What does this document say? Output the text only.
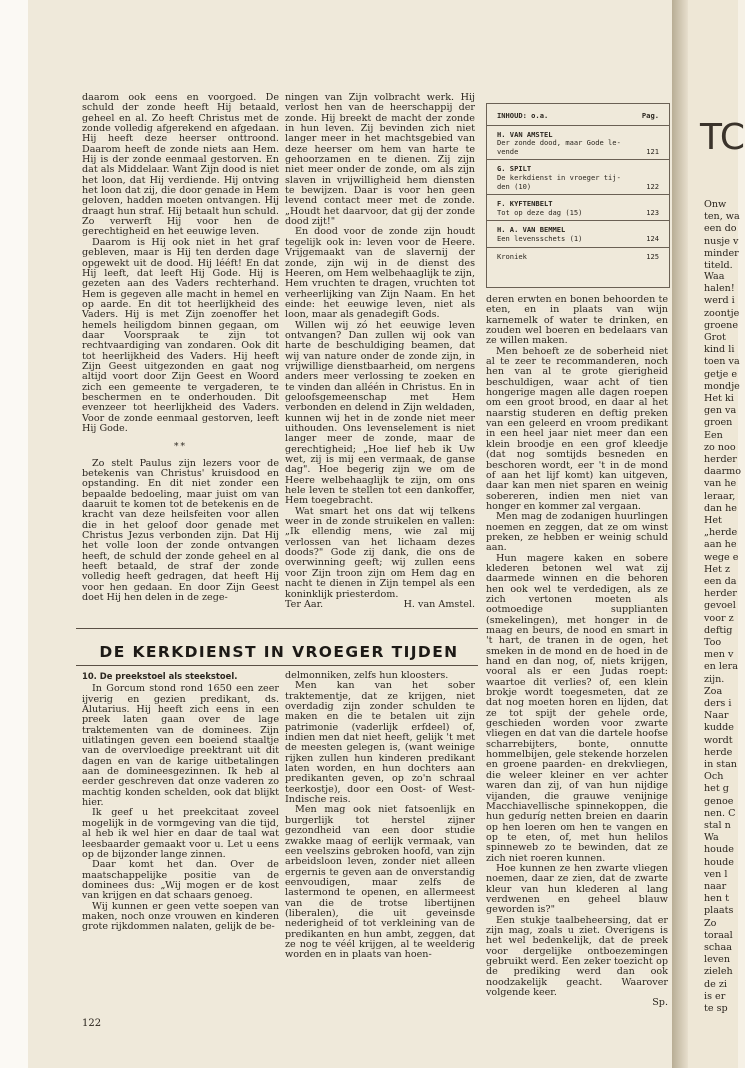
daarom ook eens en voorgoed. De schuld der zonde heeft Hij betaald, geheel en al. Zo heeft Christus met de zonde volledig afgerekend en afgedaan. Hij heeft deze heerser onttroond. Daarom heeft de zonde niets aan Hem. Hij is der zonde eenmaal gestorven. En dat als Middelaar. Want Zijn dood is niet het loon, dat Hij verdiende. Hij ontving het loon dat zij, die door genade in Hem geloven, hadden moeten ontvangen. Hij draagt hun straf. Hij betaalt hun schuld. Zo verwerft Hij voor hen de gerechtigheid en het eeuwige leven.

Daarom is Hij ook niet in het graf gebleven, maar is Hij ten derden dage opgewekt uit de dood. Hij lééft! En dat Hij leeft, dat leeft Hij Gode. Hij is gezeten aan des Vaders rechterhand. Hem is gegeven alle macht in hemel en op aarde. En dit tot heerlijkheid des Vaders. Hij is met Zijn zoenoffer het hemels heiligdom binnen gegaan, om daar Voorspraak te zijn tot rechtvaardiging van zondaren. Ook dit tot heerlijkheid des Vaders. Hij heeft Zijn Geest uitgezonden en gaat nog altijd voort door Zijn Geest en Woord zich een gemeente te vergaderen, te beschermen en te onderhouden. Dit evenzeer tot heerlijkheid des Vaders. Voor de zonde eenmaal gestorven, leeft Hij Gode.

**

Zo stelt Paulus zijn lezers voor de betekenis van Christus' kruisdood en opstanding. En dit niet zonder een bepaalde bedoeling, maar juist om van daaruit te komen tot de betekenis en de kracht van deze heilsfeiten voor allen die in het geloof door genade met Christus Jezus verbonden zijn. Dat Hij het volle loon der zonde ontvangen heeft, de schuld der zonde geheel en al heeft betaald, de straf der zonde volledig heeft gedragen, dat heeft Hij voor hen gedaan. En door Zijn Geest doet Hij hen delen in de zege-

ningen van Zijn volbracht werk. Hij verlost hen van de heerschappij der zonde. Hij breekt de macht der zonde in hun leven. Zij bevinden zich niet langer meer in het machtsgebied van deze heerser om hem van harte te gehoorzamen en te dienen. Zij zijn niet meer onder de zonde, om als zijn slaven in vrijwilligheid hem diensten te bewijzen. Daar is voor hen geen levend contact meer met de zonde. „Houdt het daarvoor, dat gij der zonde dood zijt!"

En dood voor de zonde zijn houdt tegelijk ook in: leven voor de Heere. Vrijgemaakt van de slavernij der zonde, zijn wij in de dienst des Heeren, om Hem welbehaaglijk te zijn, Hem vruchten te dragen, vruchten tot verheerlijking van Zijn Naam. En het einde: het eeuwige leven, niet als loon, maar als genadegift Gods.

Willen wij zó het eeuwige leven ontvangen? Dan zullen wij ook van harte de beschuldiging beamen, dat wij van nature onder de zonde zijn, in vrijwillige dienstbaarheid, om nergens anders meer verlossing te zoeken en te vinden dan alléén in Christus. En in geloofsgemeenschap met Hem verbonden en delend in Zijn weldaden, kunnen wij het in de zonde niet meer uithouden. Ons levenselement is niet langer meer de zonde, maar de gerechtigheid; „Hoe lief heb ik Uw wet, zij is mij een vermaak, de ganse dag". Hoe begerig zijn we om de Heere welbehaaglijk te zijn, om ons hele leven te stellen tot een dankoffer, Hem toegebracht.

Wat smart het ons dat wij telkens weer in de zonde struikelen en vallen: „Ik ellendig mens, wie zal mij verlossen van het lichaam dezes doods?" Gode zij dank, die ons de overwinning geeft; wij zullen eens voor Zijn troon zijn om Hem dag en nacht te dienen in Zijn tempel als een koninklijk priesterdom.

Ter Aar.	H. van Amstel.
INHOUD: o.a.	Pag.
H. VAN AMSTEL
Der zonde dood, maar Gode le-
vende	121
G. SPILT
De kerkdienst in vroeger tij-
den (10)	122
F. KYFTENBELT
Tot op deze dag (15)	123
H. A. VAN BEMMEL
Een levensschets (1)	124
Kroniek	125

deren erwten en bonen behoorden te eten, en in plaats van wijn karnemelk of water te drinken, en zouden wel boeren en bedelaars van ze willen maken.

Men behoeft ze de soberheid niet al te zeer te recommanderen, noch hen van al te grote gierigheid beschuldigen, waar acht of tien hongerige magen alle dagen roepen om een groot brood, en daar al het naarstig studeren en deftig preken van een geleerd en vroom predikant in een heel jaar niet meer dan een klein broodje en een grof kleedje (dat nog somtijds besneden en beschoren wordt, eer 't in de mond of aan het lijf komt) kan uitgeven, daar kan men niet sparen en weinig sobereren, indien men niet van honger en kommer zal vergaan.

Men mag de zodanigen huurlingen noemen en zeggen, dat ze om winst preken, ze hebben er weinig schuld aan.

Hun magere kaken en sobere klederen betonen wel wat zij daarmede winnen en die behoren hen ook wel te verdedigen, als ze zich vertonen moeten als ootmoedige supplianten (smekelingen), met honger in de maag en beurs, de nood en smart in 't hart, de tranen in de ogen, het smeken in de mond en de hoed in de hand en dan nog, of, niets krijgen, vooral als er een Judas roept: waartoe dit verlies? of, een klein brokje wordt toegesmeten, dat ze dat nog moeten horen en lijden, dat ze tot spijt der gehele orde, geschieden worden voor zwarte vliegen en dat van die dartele hoofse scharrebijters, bonte, onnutte hommelbijen, gele stekende horzelen en groene paarden- en drekvliegen, die weleer kleiner en ver achter waren dan zij, of van hun nijdige vijanden, die grauwe venijnige Macchiavellische spinnekoppen, die hun geduríg netten breien en daarin op hen loeren om hen te vangen en op te eten, of, met hun helilos spinneweb zo te bewinden, dat ze zich niet roeren kunnen.

Hoe kunnen ze hen zwarte vliegen noemen, daar ze zien, dat de zwarte kleur van hun klederen al lang verdwenen en geheel blauw geworden is?"

Een stukje taalbeheersing, dat er zijn mag, zoals u ziet. Overigens is het wel bedenkelijk, dat de preek voor dergelijke ontboezemingen gebruikt werd. Een zeker toezicht op de prediking werd dan ook noodzakelijk geacht. Waarover volgende keer.

Sp.
DE KERKDIENST IN VROEGER TIJDEN
10. De preekstoel als steekstoel.

In Gorcum stond rond 1650 een zeer ijverig en gezien predikant, ds. Alutarius. Hij heeft zich eens in een preek laten gaan over de lage traktementen van de dominees. Zijn uitlatingen geven een boeiend staaltje van de overvloedige preektrant uit dit dagen en van de karige uitbetalingen aan de domineesgezinnen. Ik heb al eerder geschreven dat onze vaderen zo machtig konden schelden, ook dat blijkt hier.

Ik geef u het preekcitaat zoveel mogelijk in de vormgeving van die tijd, al heb ik wel hier en daar de taal wat leesbaarder gemaakt voor u. Let u eens op de bijzonder lange zinnen.

Daar komt het dan. Over de maatschappelijke positie van de dominees dus: „Wij mogen er de kost van krijgen en dat schaars genoeg.

Wij kunnen er geen vette soepen van maken, noch onze vrouwen en kinderen grote rijkdommen nalaten, gelijk de be-

delmonniken, zelfs hun kloosters.

Men kan van het sober traktementje, dat ze krijgen, niet overdadig zijn zonder schulden te maken en die te betalen uit zijn patrimonie (vaderlijk erfdeel) of, indien men dat niet heeft, gelijk 't met de meesten gelegen is, (want weinige rijken zullen hun kinderen predikant laten worden, en hun dochters aan predikanten geven, op zo'n schraal teerkostje), door een Oost- of West-Indische reis.

Men mag ook niet fatsoenlijk en burgerlijk tot herstel zijner gezondheid van een door studie zwakke maag of eerlijk vermaak, van een veelszins gebroken hoofd, van zijn arbeidsloon leven, zonder niet alleen ergernis te geven aan de onverstandig eenvoudigen, maar zelfs de lastermond te openen, en allermeest van die de trotse libertijnen (liberalen), die uit geveinsde nederigheid of tot verkleining van de predikanten en hun ambt, zeggen, dat ze nog te véél krijgen, al te weelderig worden en in plaats van hoen-

122
TC
Onw
ten, wa
een do
nusje v
minder
titeld.
Waa
halen!
werd i
zoontje
groene
Grot
kind li
toen va
getje e
mondje
Het ki
gen va
groen
Een
zo noo
herder
daarmo
van he
leraar,
dan he
Het
„herde
aan he
wege e
Het z
een da
herder
gevoel
voor z
deftig
Too
men v
en lera
zijn.
Zoa
ders i
Naar
kudde
wordt
herde
in stan
Och
het g
genoe
nen. C
stal n
Wa
houde
houde
ven l
naar
hen t
plaats
Zo
toraal
schaa
leven
zieleh
de zi
is er
te sp
